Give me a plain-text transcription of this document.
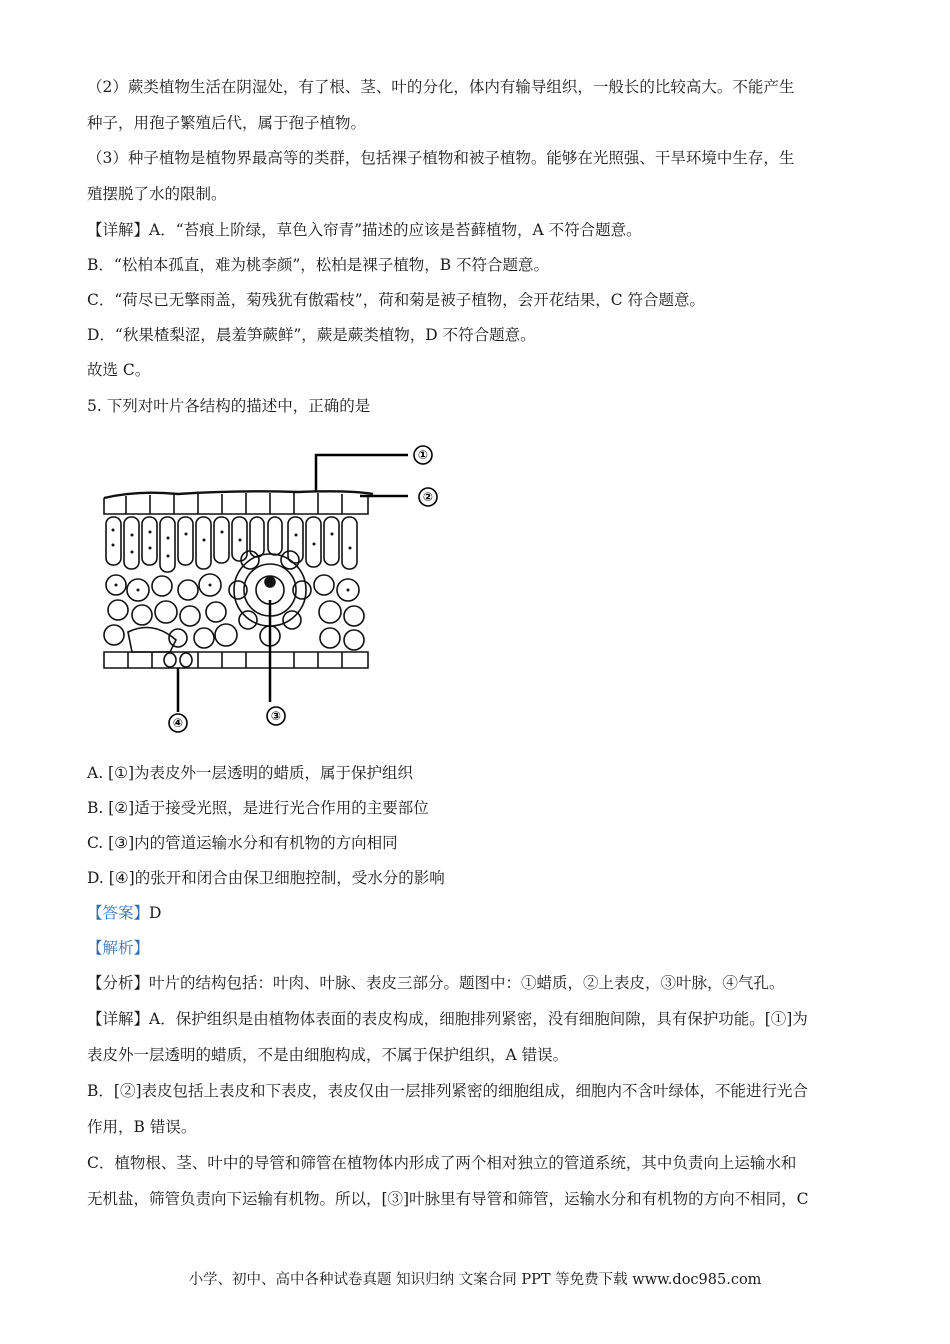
（2）蕨类植物生活在阴湿处，有了根、茎、叶的分化，体内有输导组织，一般长的比较高大。不能产生
种子，用孢子繁殖后代，属于孢子植物。
（3）种子植物是植物界最高等的类群，包括裸子植物和被子植物。能够在光照强、干旱环境中生存，生
殖摆脱了水的限制。
【详解】A．“苔痕上阶绿，草色入帘青”描述的应该是苔藓植物，A 不符合题意。
B．“松柏本孤直，难为桃李颜”，松柏是裸子植物，B 不符合题意。
C．“荷尽已无擎雨盖，菊残犹有傲霜枝”，荷和菊是被子植物，会开花结果，C 符合题意。
D．“秋果楂梨涩，晨羞笋蕨鲜”，蕨是蕨类植物，D 不符合题意。
故选 C。
5. 下列对叶片各结构的描述中，正确的是
①
②
③
④
A. [①]为表皮外一层透明的蜡质，属于保护组织
B. [②]适于接受光照，是进行光合作用的主要部位
C. [③]内的管道运输水分和有机物的方向相同
D. [④]的张开和闭合由保卫细胞控制，受水分的影响
【答案】D
【解析】
【分析】叶片的结构包括：叶肉、叶脉、表皮三部分。题图中：①蜡质，②上表皮，③叶脉，④气孔。
【详解】A．保护组织是由植物体表面的表皮构成，细胞排列紧密，没有细胞间隙，具有保护功能。[①]为
表皮外一层透明的蜡质，不是由细胞构成，不属于保护组织，A 错误。
B．[②]表皮包括上表皮和下表皮，表皮仅由一层排列紧密的细胞组成，细胞内不含叶绿体，不能进行光合
作用，B 错误。
C．植物根、茎、叶中的导管和筛管在植物体内形成了两个相对独立的管道系统，其中负责向上运输水和
无机盐，筛管负责向下运输有机物。所以，[③]叶脉里有导管和筛管，运输水分和有机物的方向不相同，C
小学、初中、高中各种试卷真题 知识归纳 文案合同 PPT 等免费下载 www.doc985.com
